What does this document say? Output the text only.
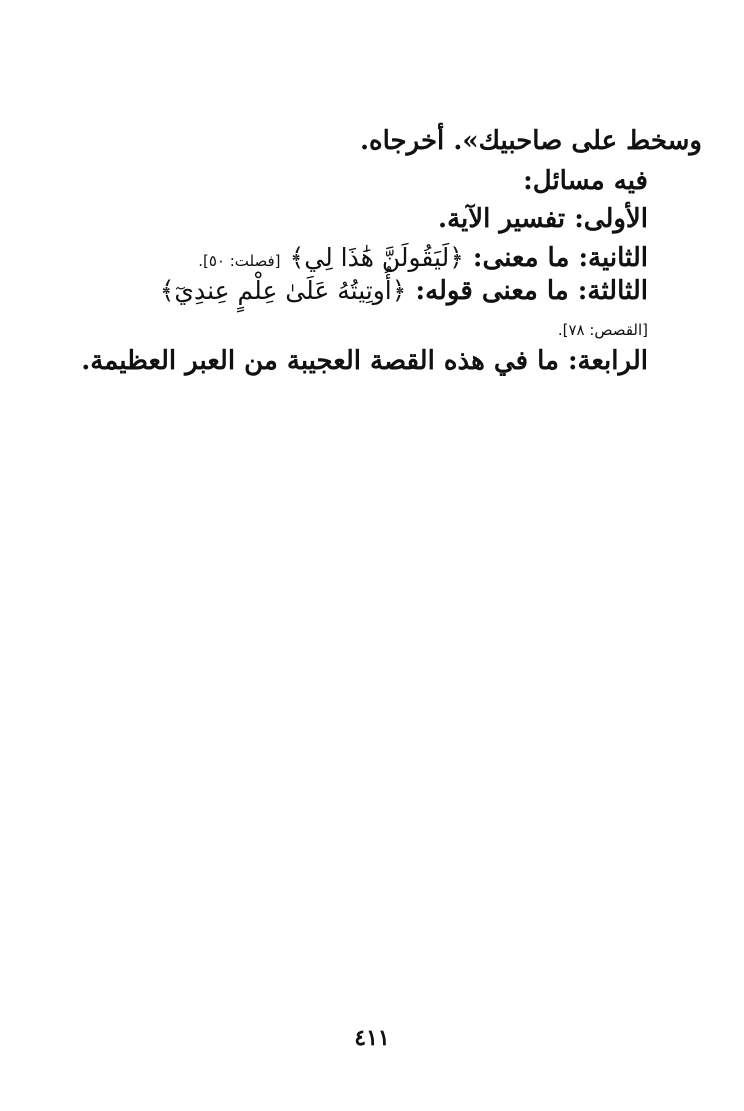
وسخط على صاحبيك». أخرجاه.
فيه مسائل:
الأولى: تفسير الآية.
الثانية: ما معنى: ﴿لَيَقُولَنَّ هَٰذَا لِي﴾ [فصلت: ٥٠].
الثالثة: ما معنى قوله: ﴿أُوتِيتُهُ عَلَىٰ عِلْمٍ عِندِيٓ﴾
[القصص: ٧٨].
الرابعة: ما في هذه القصة العجيبة من العبر العظيمة.
٤١١
